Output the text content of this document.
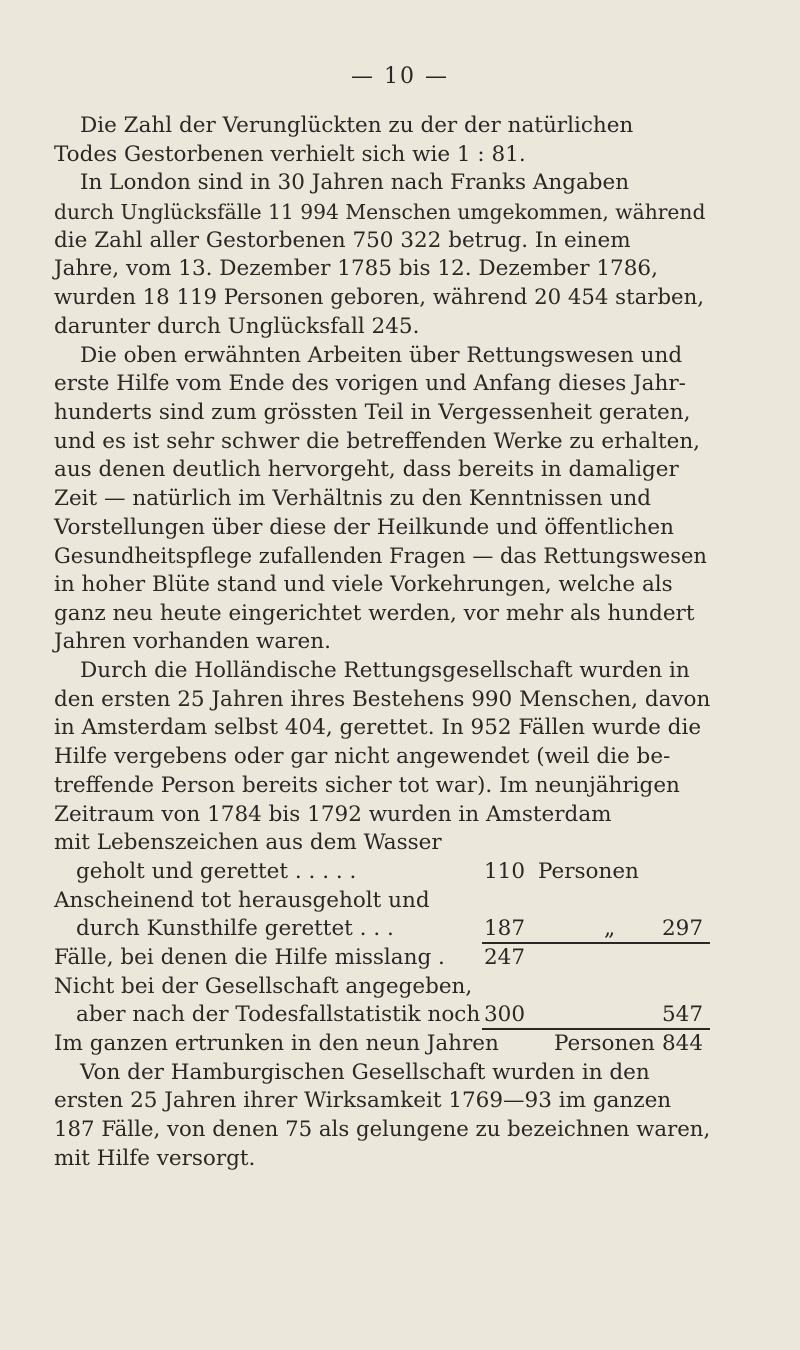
— 10 —
Die Zahl der Verunglückten zu der der natürlichen
Todes Gestorbenen verhielt sich wie 1 : 81.
In London sind in 30 Jahren nach Franks Angaben
durch Unglücksfälle 11 994 Menschen umgekommen, während
die Zahl aller Gestorbenen 750 322 betrug. In einem
Jahre, vom 13. Dezember 1785 bis 12. Dezember 1786,
wurden 18 119 Personen geboren, während 20 454 starben,
darunter durch Unglücksfall 245.
Die oben erwähnten Arbeiten über Rettungswesen und
erste Hilfe vom Ende des vorigen und Anfang dieses Jahr-
hunderts sind zum grössten Teil in Vergessenheit geraten,
und es ist sehr schwer die betreffenden Werke zu erhalten,
aus denen deutlich hervorgeht, dass bereits in damaliger
Zeit — natürlich im Verhältnis zu den Kenntnissen und
Vorstellungen über diese der Heilkunde und öffentlichen
Gesundheitspflege zufallenden Fragen — das Rettungswesen
in hoher Blüte stand und viele Vorkehrungen, welche als
ganz neu heute eingerichtet werden, vor mehr als hundert
Jahren vorhanden waren.
Durch die Holländische Rettungsgesellschaft wurden in
den ersten 25 Jahren ihres Bestehens 990 Menschen, davon
in Amsterdam selbst 404, gerettet. In 952 Fällen wurde die
Hilfe vergebens oder gar nicht angewendet (weil die be-
treffende Person bereits sicher tot war). Im neunjährigen
Zeitraum von 1784 bis 1792 wurden in Amsterdam
mit Lebenszeichen aus dem Wasser
geholt und gerettet . . . . .	110 Personen
Anscheinend tot herausgeholt und
durch Kunsthilfe gerettet . . .	187	„ 297
Fälle, bei denen die Hilfe misslang . 247
Nicht bei der Gesellschaft angegeben,
aber nach der Todesfallstatistik noch 300	547
Im ganzen ertrunken in den neun Jahren	Personen 844
Von der Hamburgischen Gesellschaft wurden in den
ersten 25 Jahren ihrer Wirksamkeit 1769—93 im ganzen
187 Fälle, von denen 75 als gelungene zu bezeichnen waren,
mit Hilfe versorgt.
